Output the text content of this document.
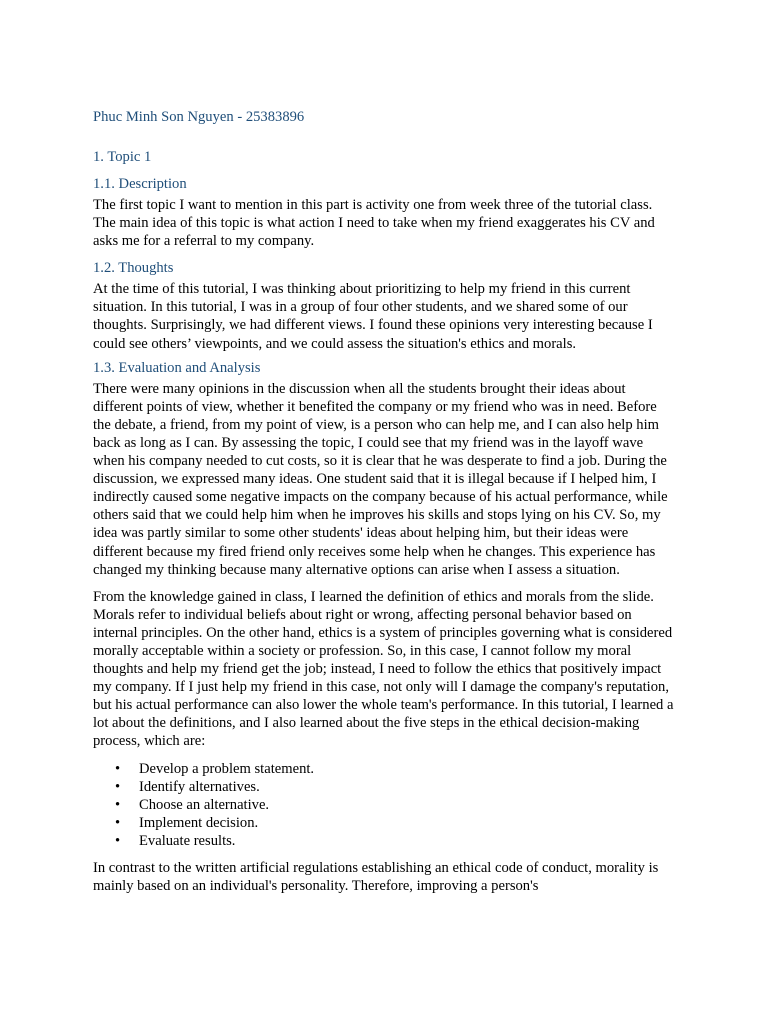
Phuc Minh Son Nguyen - 25383896
1. Topic 1
1.1. Description

The first topic I want to mention in this part is activity one from week three of the tutorial class. The main idea of this topic is what action I need to take when my friend exaggerates his CV and asks me for a referral to my company.

1.2. Thoughts

At the time of this tutorial, I was thinking about prioritizing to help my friend in this current situation. In this tutorial, I was in a group of four other students, and we shared some of our thoughts. Surprisingly, we had different views. I found these opinions very interesting because I could see others’ viewpoints, and we could assess the situation's ethics and morals.

1.3. Evaluation and Analysis

There were many opinions in the discussion when all the students brought their ideas about different points of view, whether it benefited the company or my friend who was in need. Before the debate, a friend, from my point of view, is a person who can help me, and I can also help him back as long as I can. By assessing the topic, I could see that my friend was in the layoff wave when his company needed to cut costs, so it is clear that he was desperate to find a job. During the discussion, we expressed many ideas. One student said that it is illegal because if I helped him, I indirectly caused some negative impacts on the company because of his actual performance, while others said that we could help him when he improves his skills and stops lying on his CV. So, my idea was partly similar to some other students' ideas about helping him, but their ideas were different because my fired friend only receives some help when he changes. This experience has changed my thinking because many alternative options can arise when I assess a situation.

From the knowledge gained in class, I learned the definition of ethics and morals from the slide. Morals refer to individual beliefs about right or wrong, affecting personal behavior based on internal principles. On the other hand, ethics is a system of principles governing what is considered morally acceptable within a society or profession. So, in this case, I cannot follow my moral thoughts and help my friend get the job; instead, I need to follow the ethics that positively impact my company. If I just help my friend in this case, not only will I damage the company's reputation, but his actual performance can also lower the whole team's performance. In this tutorial, I learned a lot about the definitions, and I also learned about the five steps in the ethical decision-making process, which are:

• Develop a problem statement.
• Identify alternatives.
• Choose an alternative.
• Implement decision.
• Evaluate results.

In contrast to the written artificial regulations establishing an ethical code of conduct, morality is mainly based on an individual's personality. Therefore, improving a person's
